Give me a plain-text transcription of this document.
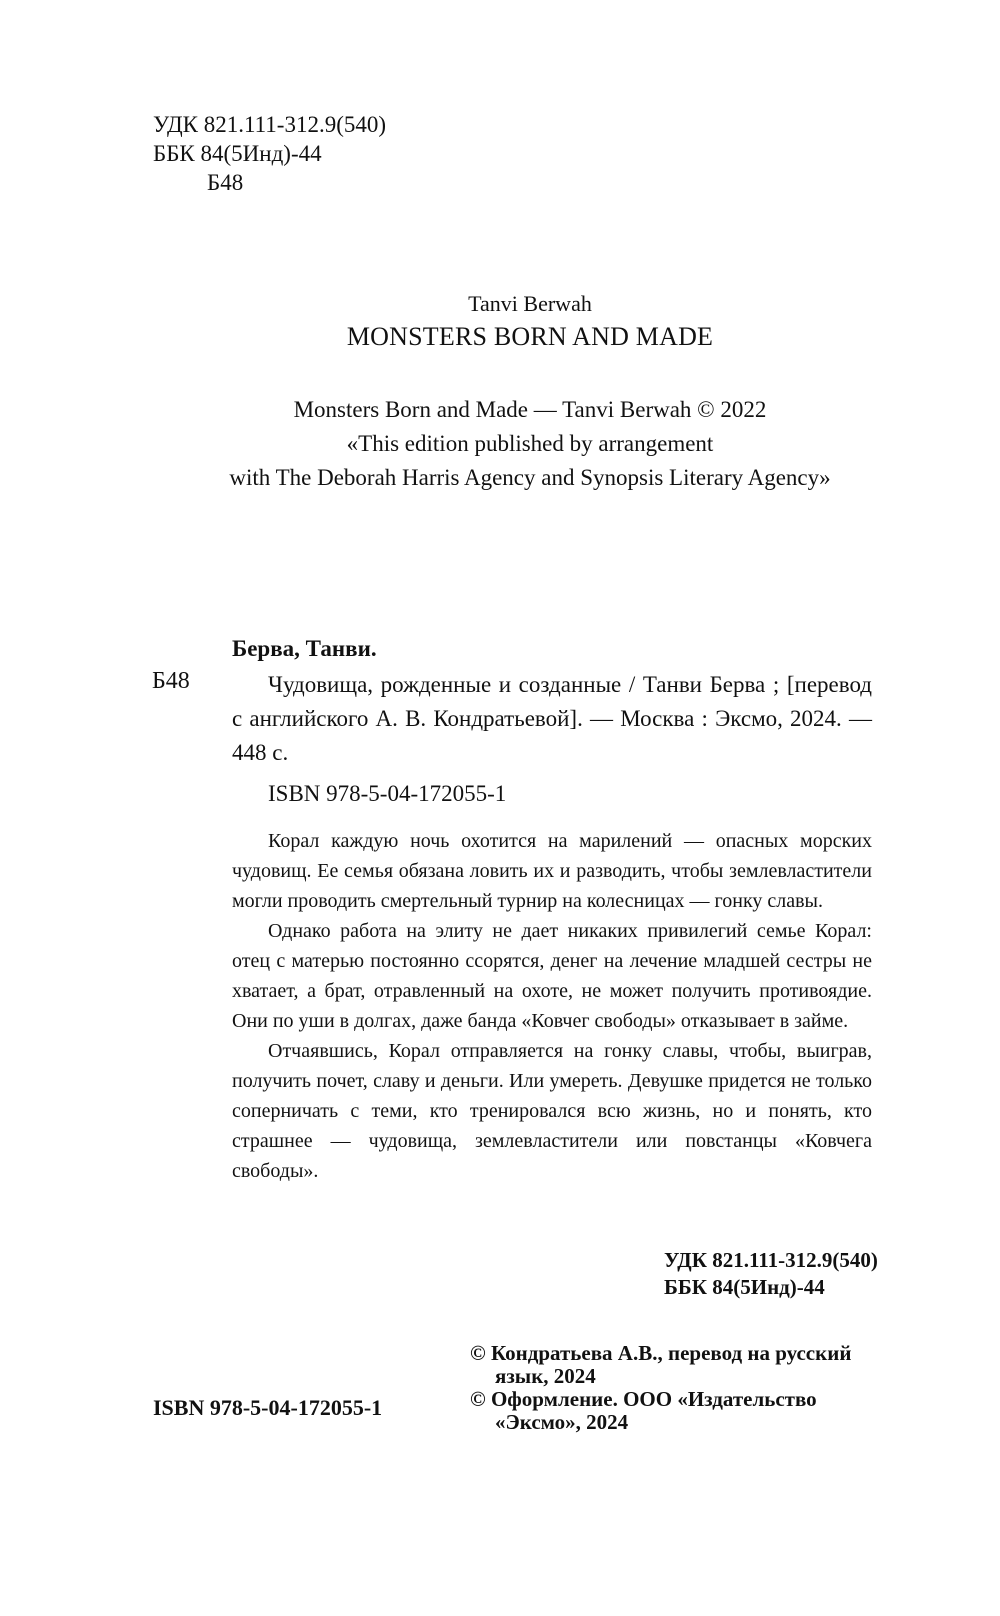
УДК 821.111-312.9(540)
ББК 84(5Инд)-44
Б48
Tanvi Berwah
MONSTERS BORN AND MADE
Monsters Born and Made — Tanvi Berwah © 2022
«This edition published by arrangement
with The Deborah Harris Agency and Synopsis Literary Agency»
Б48
Берва, Танви.
Чудовища, рожденные и созданные / Танви Берва ; [перевод с английского А. В. Кондратьевой]. — Москва : Эксмо, 2024. — 448 с.
ISBN 978-5-04-172055-1

Корал каждую ночь охотится на марилений — опасных морских чудовищ. Ее семья обязана ловить их и разводить, чтобы землевластители могли проводить смертельный турнир на колесницах — гонку славы.

Однако работа на элиту не дает никаких привилегий семье Корал: отец с матерью постоянно ссорятся, денег на лечение младшей сестры не хватает, а брат, отравленный на охоте, не может получить противоядие. Они по уши в долгах, даже банда «Ковчег свободы» отказывает в займе.

Отчаявшись, Корал отправляется на гонку славы, чтобы, выиграв, получить почет, славу и деньги. Или умереть. Девушке придется не только соперничать с теми, кто тренировался всю жизнь, но и понять, кто страшнее — чудовища, землевластители или повстанцы «Ковчега свободы».

УДК 821.111-312.9(540)
ББК 84(5Инд)-44
ISBN 978-5-04-172055-1
© Кондратьева А.В., перевод на русский язык, 2024
© Оформление. ООО «Издательство «Эксмо», 2024
